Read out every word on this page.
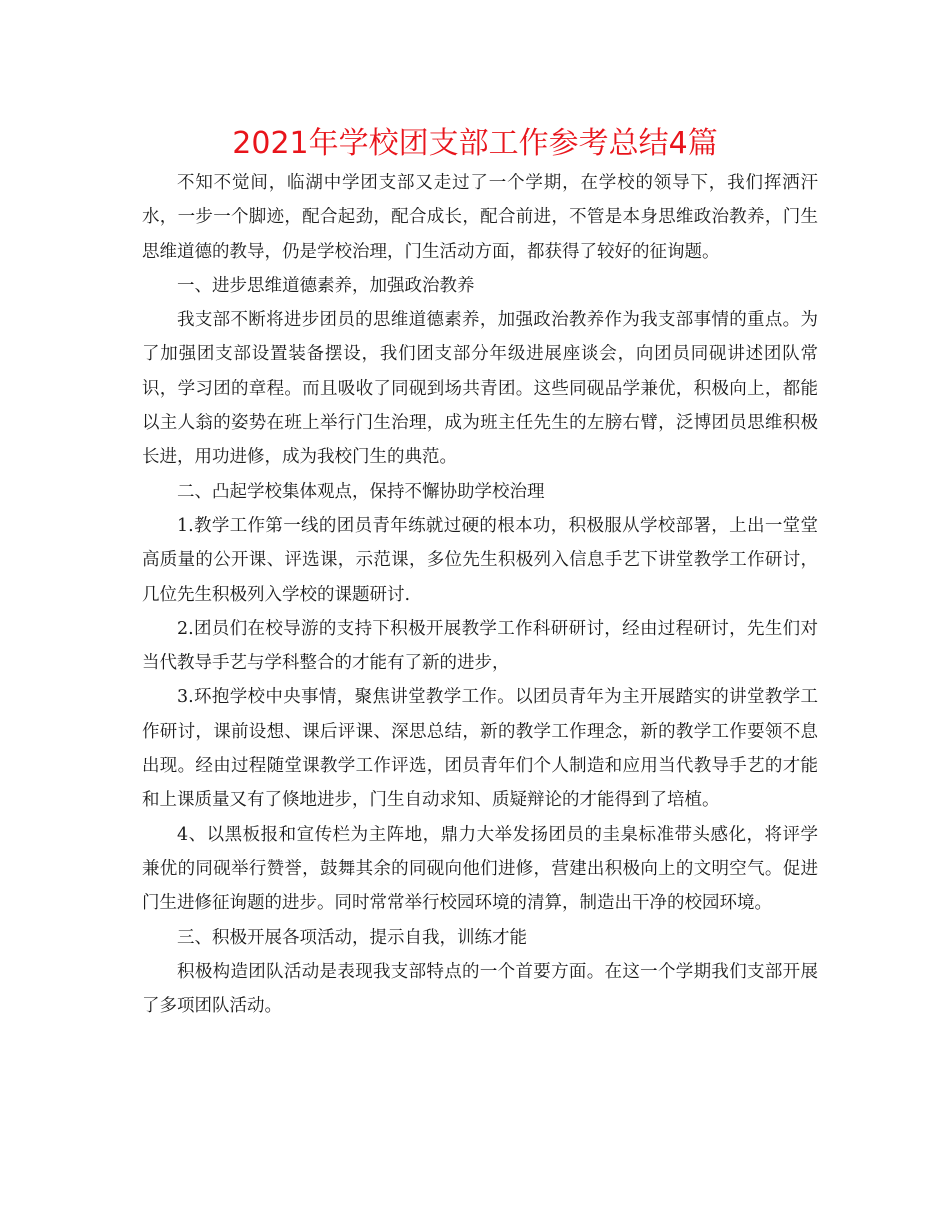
2021年学校团支部工作参考总结4篇

不知不觉间，临湖中学团支部又走过了一个学期，在学校的领导下，我们挥洒汗水，一步一个脚迹，配合起劲，配合成长，配合前进，不管是本身思维政治教养，门生思维道德的教导，仍是学校治理，门生活动方面，都获得了较好的征询题。

一、进步思维道德素养，加强政治教养

我支部不断将进步团员的思维道德素养，加强政治教养作为我支部事情的重点。为了加强团支部设置装备摆设，我们团支部分年级进展座谈会，向团员同砚讲述团队常识，学习团的章程。而且吸收了同砚到场共青团。这些同砚品学兼优，积极向上，都能以主人翁的姿势在班上举行门生治理，成为班主任先生的左膀右臂，泛博团员思维积极长进，用功进修，成为我校门生的典范。

二、凸起学校集体观点，保持不懈协助学校治理

1.教学工作第一线的团员青年练就过硬的根本功，积极服从学校部署，上出一堂堂高质量的公开课、评选课，示范课，多位先生积极列入信息手艺下讲堂教学工作研讨，几位先生积极列入学校的课题研讨.

2.团员们在校导游的支持下积极开展教学工作科研研讨，经由过程研讨，先生们对当代教导手艺与学科整合的才能有了新的进步，

3.环抱学校中央事情，聚焦讲堂教学工作。以团员青年为主开展踏实的讲堂教学工作研讨，课前设想、课后评课、深思总结，新的教学工作理念，新的教学工作要领不息出现。经由过程随堂课教学工作评选，团员青年们个人制造和应用当代教导手艺的才能和上课质量又有了倏地进步，门生自动求知、质疑辩论的才能得到了培植。

4、以黑板报和宣传栏为主阵地，鼎力大举发扬团员的圭臬标准带头感化，将评学兼优的同砚举行赞誉，鼓舞其余的同砚向他们进修，营建出积极向上的文明空气。促进门生进修征询题的进步。同时常常举行校园环境的清算，制造出干净的校园环境。

三、积极开展各项活动，提示自我，训练才能

积极构造团队活动是表现我支部特点的一个首要方面。在这一个学期我们支部开展了多项团队活动。
